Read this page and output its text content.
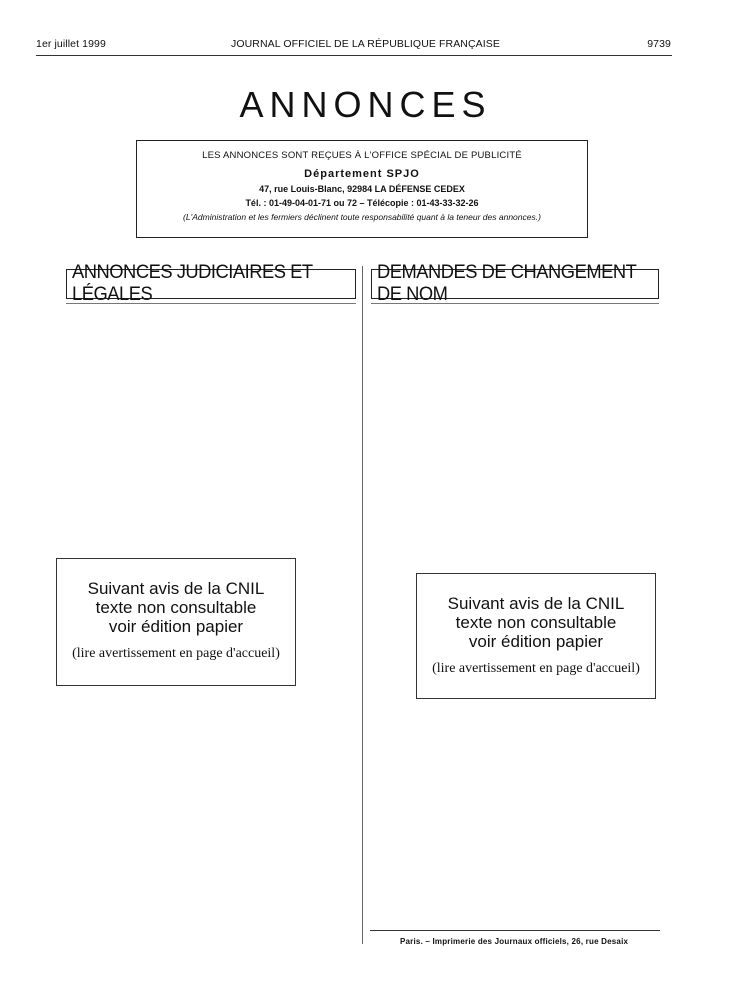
1er juillet 1999	JOURNAL OFFICIEL DE LA RÉPUBLIQUE FRANÇAISE	9739
ANNONCES
LES ANNONCES SONT REÇUES À L'OFFICE SPÉCIAL DE PUBLICITÉ
Département SPJO
47, rue Louis-Blanc, 92984 LA DÉFENSE CEDEX
Tél. : 01-49-04-01-71 ou 72 – Télécopie : 01-43-33-32-26
(L'Administration et les fermiers déclinent toute responsabilité quant à la teneur des annonces.)
ANNONCES JUDICIAIRES ET LÉGALES
DEMANDES DE CHANGEMENT DE NOM
Suivant avis de la CNIL
texte non consultable
voir édition papier
(lire avertissement en page d'accueil)
Suivant avis de la CNIL
texte non consultable
voir édition papier
(lire avertissement en page d'accueil)
Paris. – Imprimerie des Journaux officiels, 26, rue Desaix
